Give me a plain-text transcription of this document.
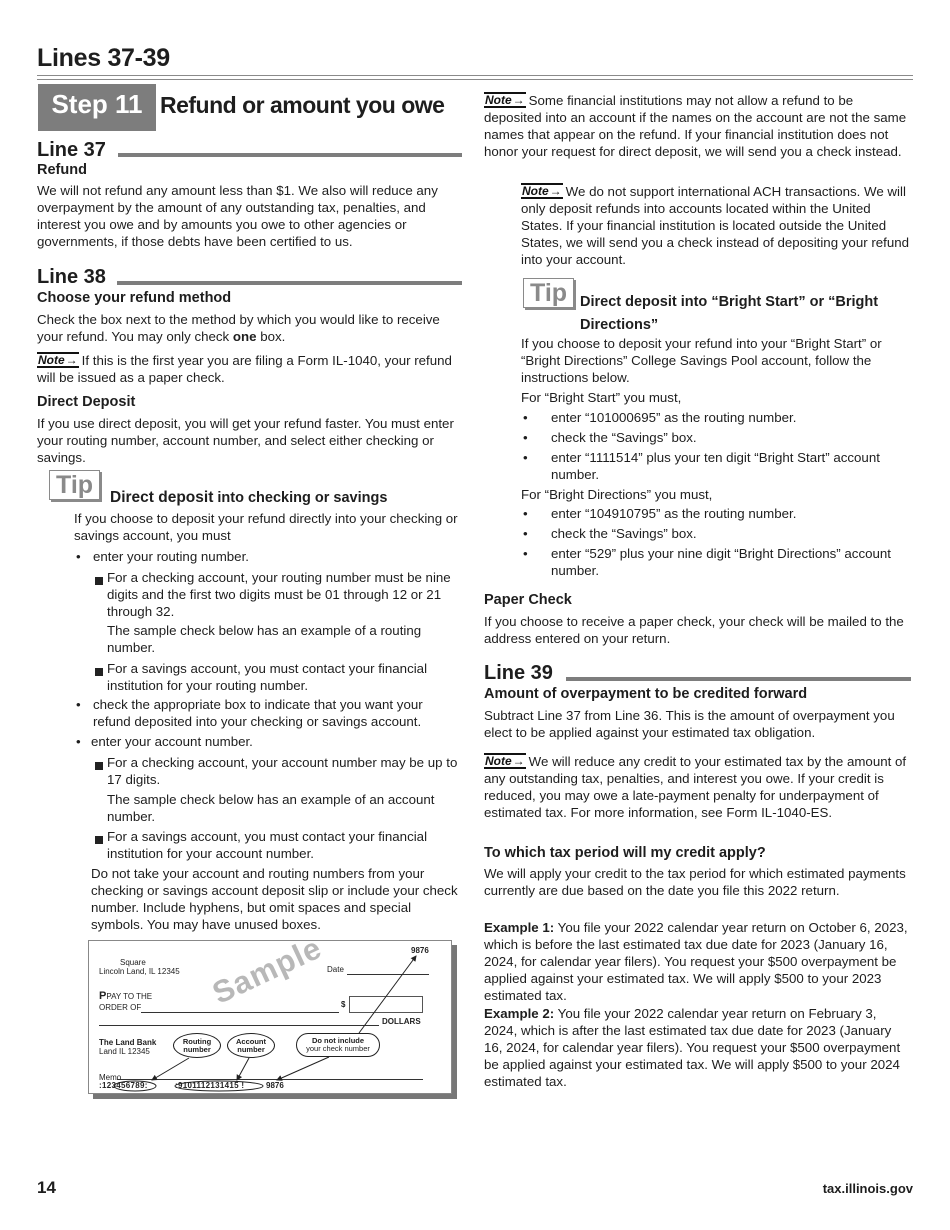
Lines 37-39
Step 11 Refund or amount you owe
Line 37
Refund

We will not refund any amount less than $1. We also will reduce any overpayment by the amount of any outstanding tax, penalties, and interest you owe and by amounts you owe to other agencies or governments, if those debts have been certified to us.

Line 38
Choose your refund method

Check the box next to the method by which you would like to receive your refund. You may only check one box.

Note → If this is the first year you are filing a Form IL-1040, your refund will be issued as a paper check.

Direct Deposit

If you use direct deposit, you will get your refund faster. You must enter your routing number, account number, and select either checking or savings.

Tip	Direct deposit into checking or savings

If you choose to deposit your refund directly into your checking or savings account, you must

• enter your routing number.

For a checking account, your routing number must be nine digits and the first two digits must be 01 through 12 or 21 through 32.

The sample check below has an example of a routing number.

For a savings account, you must contact your financial institution for your routing number.

• check the appropriate box to indicate that you want your refund deposited into your checking or savings account.

• enter your account number.

For a checking account, your account number may be up to 17 digits.

The sample check below has an example of an account number.

For a savings account, you must contact your financial institution for your account number.

Do not take your account and routing numbers from your checking or savings account deposit slip or include your check number. Include hyphens, but omit spaces and special symbols. You may have unused boxes.

9876
Square
Lincoln Land, IL 12345	Date
PPAY TO THE
ORDER OF	$
DOLLARS
Sample
The Land Bank
Land IL 12345
Routing number
Account number
Do not include
your check number
Memo
:123456789:	:9101112131415 !	9876

Note → Some financial institutions may not allow a refund to be deposited into an account if the names on the account are not the same names that appear on the refund. If your financial institution does not honor your request for direct deposit, we will send you a check instead.

Note → We do not support international ACH transactions. We will only deposit refunds into accounts located within the United States. If your financial institution is located outside the United States, we will send you a check instead of depositing your refund into your account.

Tip Direct deposit into “Bright Start” or “Bright Directions”

If you choose to deposit your refund into your “Bright Start” or “Bright Directions” College Savings Pool account, follow the instructions below.

For “Bright Start” you must,

• enter “101000695” as the routing number.

• check the “Savings” box.

• enter “1111514” plus your ten digit “Bright Start” account number.

For “Bright Directions” you must,

• enter “104910795” as the routing number.

• check the “Savings” box.

• enter “529” plus your nine digit “Bright Directions” account number.

Paper Check

If you choose to receive a paper check, your check will be mailed to the address entered on your return.

Line 39
Amount of overpayment to be credited forward

Subtract Line 37 from Line 36. This is the amount of overpayment you elect to be applied against your estimated tax obligation.

Note → We will reduce any credit to your estimated tax by the amount of any outstanding tax, penalties, and interest you owe. If your credit is reduced, you may owe a late-payment penalty for underpayment of estimated tax. For more information, see Form IL-1040-ES.

To which tax period will my credit apply?

We will apply your credit to the tax period for which estimated payments currently are due based on the date you file this 2022 return.

Example 1: You file your 2022 calendar year return on October 6, 2023, which is before the last estimated tax due date for 2023 (January 16, 2024, for calendar year filers). You request your $500 overpayment be applied against your estimated tax. We will apply $500 to your 2023 estimated tax.

Example 2: You file your 2022 calendar year return on February 3, 2024, which is after the last estimated tax due date for 2023 (January 16, 2024, for calendar year filers). You request your $500 overpayment be applied against your estimated tax. We will apply $500 to your 2024 estimated tax.

14	tax.illinois.gov
